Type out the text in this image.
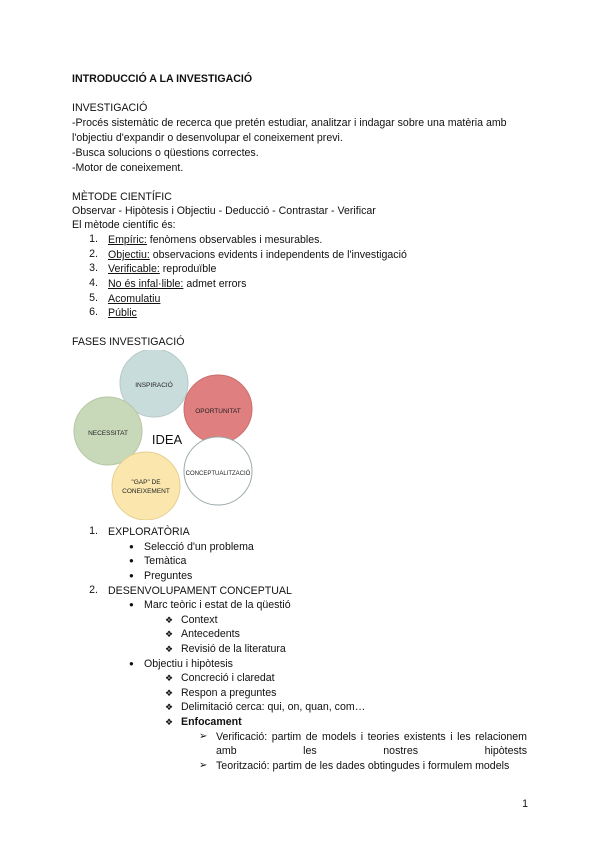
INTRODUCCIÓ A LA INVESTIGACIÓ
INVESTIGACIÓ
-Procés sistemàtic de recerca que pretén estudiar, analitzar i indagar sobre una matèria amb
l'objectiu d'expandir o desenvolupar el coneixement previ.
-Busca solucions o qüestions correctes.
-Motor de coneixement.
MÈTODE CIENTÍFIC
Observar - Hipòtesis i Objectiu - Deducció - Contrastar - Verificar
El mètode científic és:
1. Empíric: fenòmens observables i mesurables.
2. Objectiu: observacions evidents i independents de l'investigació
3. Verificable: reproduïble
4. No és infal·lible: admet errors
5. Acomulatiu
6. Públic
FASES INVESTIGACIÓ
INSPIRACIÓ
OPORTUNITAT
NECESSITAT
CONCEPTUALITZACIÓ
"GAP" DE
CONEIXEMENT
IDEA
1. EXPLORATÒRIA
● Selecció d'un problema
● Temàtica
● Preguntes
2. DESENVOLUPAMENT CONCEPTUAL
● Marc teòric i estat de la qüestió
❖ Context
❖ Antecedents
❖ Revisió de la literatura
● Objectiu i hipòtesis
❖ Concreció i claredat
❖ Respon a preguntes
❖ Delimitació cerca: qui, on, quan, com…
❖ Enfocament
➢ Verificació: partim de models i teories existents i les relacionem amb les nostres hipòtests
➢ Teorització: partim de les dades obtingudes i formulem models
1
